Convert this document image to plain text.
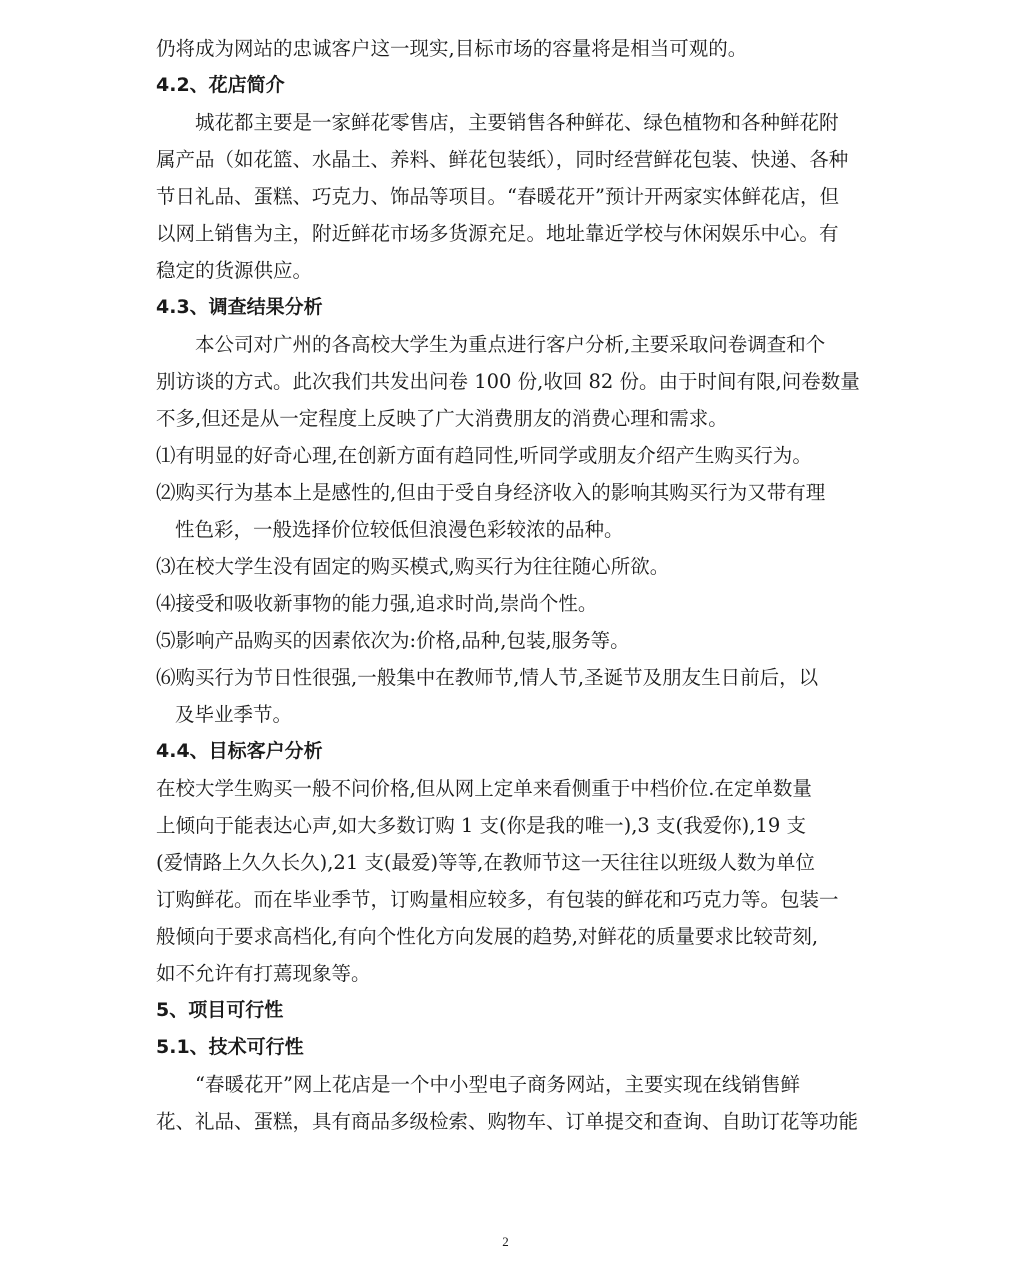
仍将成为网站的忠诚客户这一现实,目标市场的容量将是相当可观的。

4.2、花店简介

城花都主要是一家鲜花零售店，主要销售各种鲜花、绿色植物和各种鲜花附

属产品（如花篮、水晶土、养料、鲜花包装纸），同时经营鲜花包装、快递、各种

节日礼品、蛋糕、巧克力、饰品等项目。“春暖花开”预计开两家实体鲜花店，但

以网上销售为主，附近鲜花市场多货源充足。地址靠近学校与休闲娱乐中心。有

稳定的货源供应。

4.3、调查结果分析

本公司对广州的各高校大学生为重点进行客户分析,主要采取问卷调查和个

别访谈的方式。此次我们共发出问卷 100 份,收回 82 份。由于时间有限,问卷数量

不多,但还是从一定程度上反映了广大消费朋友的消费心理和需求。

⑴有明显的好奇心理,在创新方面有趋同性,听同学或朋友介绍产生购买行为。

⑵购买行为基本上是感性的,但由于受自身经济收入的影响其购买行为又带有理

性色彩，一般选择价位较低但浪漫色彩较浓的品种。

⑶在校大学生没有固定的购买模式,购买行为往往随心所欲。

⑷接受和吸收新事物的能力强,追求时尚,崇尚个性。

⑸影响产品购买的因素依次为:价格,品种,包装,服务等。

⑹购买行为节日性很强,一般集中在教师节,情人节,圣诞节及朋友生日前后，以

及毕业季节。

4.4、目标客户分析

在校大学生购买一般不问价格,但从网上定单来看侧重于中档价位.在定单数量

上倾向于能表达心声,如大多数订购 1 支(你是我的唯一),3 支(我爱你),19 支

(爱情路上久久长久),21 支(最爱)等等,在教师节这一天往往以班级人数为单位

订购鲜花。而在毕业季节，订购量相应较多，有包装的鲜花和巧克力等。包装一

般倾向于要求高档化,有向个性化方向发展的趋势,对鲜花的质量要求比较苛刻,

如不允许有打蔫现象等。

5、项目可行性

5.1、技术可行性

“春暖花开”网上花店是一个中小型电子商务网站，主要实现在线销售鲜

花、礼品、蛋糕，具有商品多级检索、购物车、订单提交和查询、自助订花等功能

2
